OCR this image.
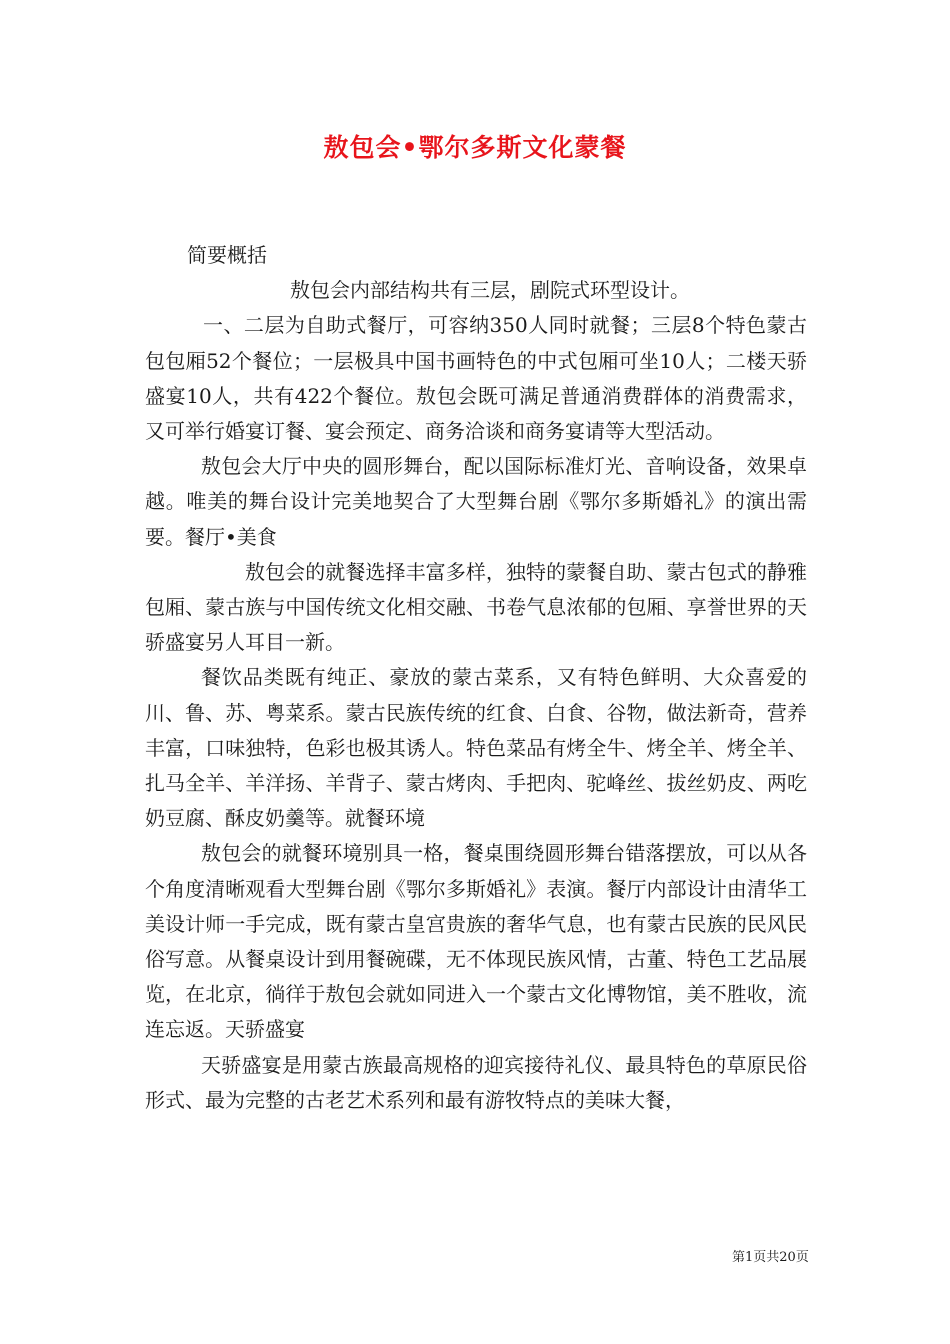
敖包会•鄂尔多斯文化蒙餐

简要概括

敖包会内部结构共有三层，剧院式环型设计。

一、二层为自助式餐厅，可容纳350人同时就餐；三层8个特色蒙古包包厢52个餐位；一层极具中国书画特色的中式包厢可坐10人；二楼天骄盛宴10人，共有422个餐位。敖包会既可满足普通消费群体的消费需求，又可举行婚宴订餐、宴会预定、商务洽谈和商务宴请等大型活动。

敖包会大厅中央的圆形舞台，配以国际标准灯光、音响设备，效果卓越。唯美的舞台设计完美地契合了大型舞台剧《鄂尔多斯婚礼》的演出需要。餐厅•美食

敖包会的就餐选择丰富多样，独特的蒙餐自助、蒙古包式的静雅包厢、蒙古族与中国传统文化相交融、书卷气息浓郁的包厢、享誉世界的天骄盛宴另人耳目一新。

餐饮品类既有纯正、豪放的蒙古菜系，又有特色鲜明、大众喜爱的川、鲁、苏、粤菜系。蒙古民族传统的红食、白食、谷物，做法新奇，营养丰富，口味独特，色彩也极其诱人。特色菜品有烤全牛、烤全羊、烤全羊、扎马全羊、羊洋扬、羊背子、蒙古烤肉、手把肉、驼峰丝、拔丝奶皮、两吃奶豆腐、酥皮奶羹等。就餐环境

敖包会的就餐环境别具一格，餐桌围绕圆形舞台错落摆放，可以从各个角度清晰观看大型舞台剧《鄂尔多斯婚礼》表演。餐厅内部设计由清华工美设计师一手完成，既有蒙古皇宫贵族的奢华气息，也有蒙古民族的民风民俗写意。从餐桌设计到用餐碗碟，无不体现民族风情，古董、特色工艺品展览，在北京，徜徉于敖包会就如同进入一个蒙古文化博物馆，美不胜收，流连忘返。天骄盛宴

天骄盛宴是用蒙古族最高规格的迎宾接待礼仪、最具特色的草原民俗形式、最为完整的古老艺术系列和最有游牧特点的美味大餐，

第1页共20页
